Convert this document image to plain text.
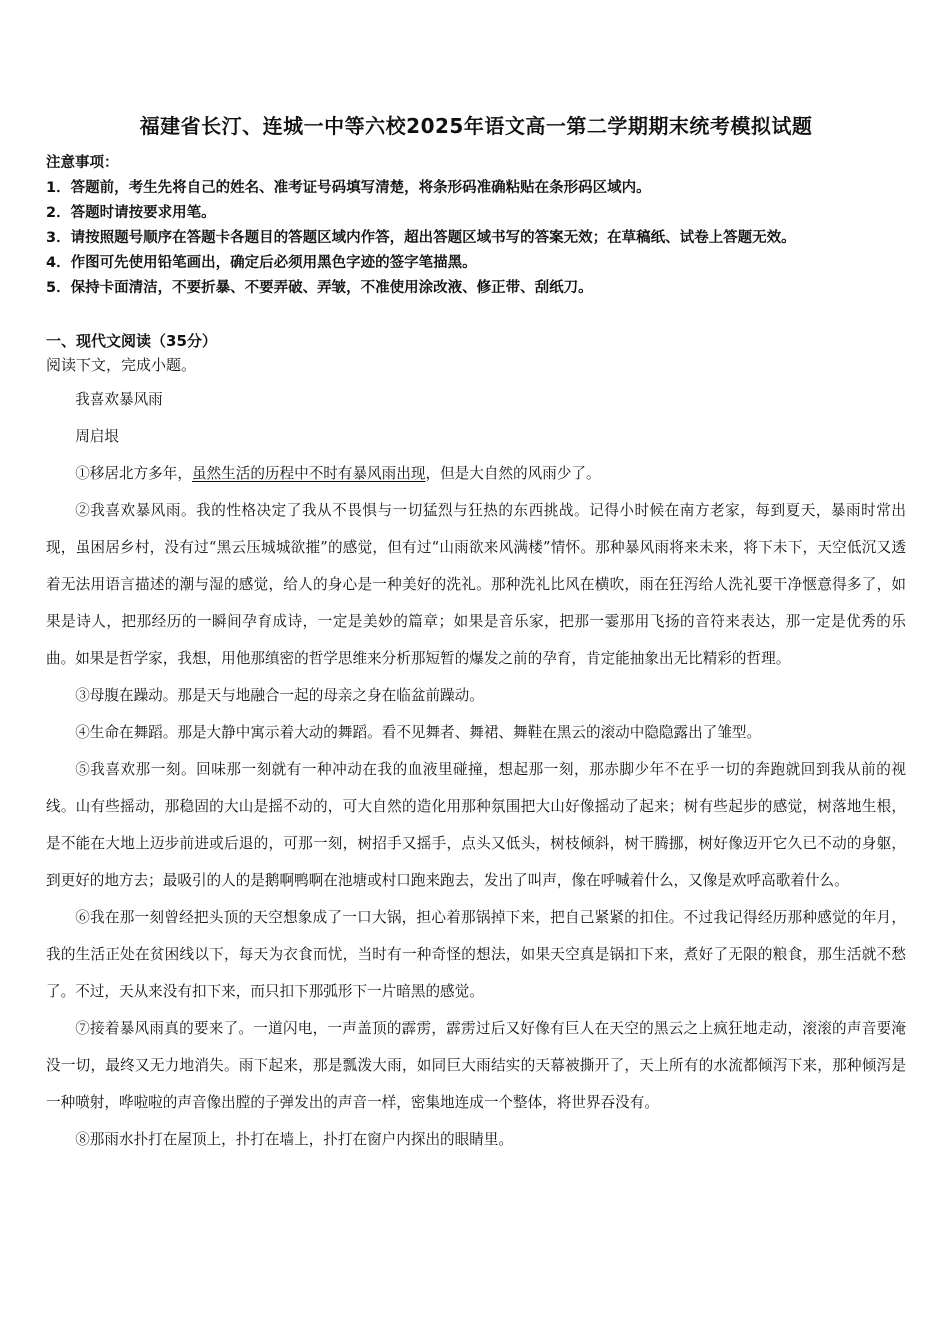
福建省长汀、连城一中等六校2025年语文高一第二学期期末统考模拟试题
注意事项：
1．答题前，考生先将自己的姓名、准考证号码填写清楚，将条形码准确粘贴在条形码区域内。
2．答题时请按要求用笔。
3．请按照题号顺序在答题卡各题目的答题区域内作答，超出答题区域书写的答案无效；在草稿纸、试卷上答题无效。
4．作图可先使用铅笔画出，确定后必须用黑色字迹的签字笔描黑。
5．保持卡面清洁，不要折暴、不要弄破、弄皱，不准使用涂改液、修正带、刮纸刀。
一、现代文阅读（35分）
阅读下文，完成小题。

我喜欢暴风雨

周启垠

①移居北方多年，虽然生活的历程中不时有暴风雨出现，但是大自然的风雨少了。

②我喜欢暴风雨。我的性格决定了我从不畏惧与一切猛烈与狂热的东西挑战。记得小时候在南方老家，每到夏天，暴雨时常出现，虽困居乡村，没有过“黑云压城城欲摧”的感觉，但有过“山雨欲来风满楼”情怀。那种暴风雨将来未来，将下未下，天空低沉又透着无法用语言描述的潮与湿的感觉，给人的身心是一种美好的洗礼。那种洗礼比风在横吹，雨在狂泻给人洗礼要干净惬意得多了，如果是诗人，把那经历的一瞬间孕育成诗，一定是美妙的篇章；如果是音乐家，把那一霎那用飞扬的音符来表达，那一定是优秀的乐曲。如果是哲学家，我想，用他那缜密的哲学思维来分析那短暂的爆发之前的孕育，肯定能抽象出无比精彩的哲理。

③母腹在躁动。那是天与地融合一起的母亲之身在临盆前躁动。

④生命在舞蹈。那是大静中寓示着大动的舞蹈。看不见舞者、舞裙、舞鞋在黑云的滚动中隐隐露出了雏型。

⑤我喜欢那一刻。回味那一刻就有一种冲动在我的血液里碰撞，想起那一刻，那赤脚少年不在乎一切的奔跑就回到我从前的视线。山有些摇动，那稳固的大山是摇不动的，可大自然的造化用那种氛围把大山好像摇动了起来；树有些起步的感觉，树落地生根，是不能在大地上迈步前进或后退的，可那一刻，树招手又摇手，点头又低头，树枝倾斜，树干腾挪，树好像迈开它久已不动的身躯，到更好的地方去；最吸引的人的是鹅啊鸭啊在池塘或村口跑来跑去，发出了叫声，像在呼喊着什么，又像是欢呼高歌着什么。

⑥我在那一刻曾经把头顶的天空想象成了一口大锅，担心着那锅掉下来，把自己紧紧的扣住。不过我记得经历那种感觉的年月，我的生活正处在贫困线以下，每天为衣食而忧，当时有一种奇怪的想法，如果天空真是锅扣下来，煮好了无限的粮食，那生活就不愁了。不过，天从来没有扣下来，而只扣下那弧形下一片暗黑的感觉。

⑦接着暴风雨真的要来了。一道闪电，一声盖顶的霹雳，霹雳过后又好像有巨人在天空的黑云之上疯狂地走动，滚滚的声音要淹没一切，最终又无力地消失。雨下起来，那是瓢泼大雨，如同巨大雨结实的天幕被撕开了，天上所有的水流都倾泻下来，那种倾泻是一种喷射，哗啦啦的声音像出膛的子弹发出的声音一样，密集地连成一个整体，将世界吞没有。

⑧那雨水扑打在屋顶上，扑打在墙上，扑打在窗户内探出的眼睛里。
